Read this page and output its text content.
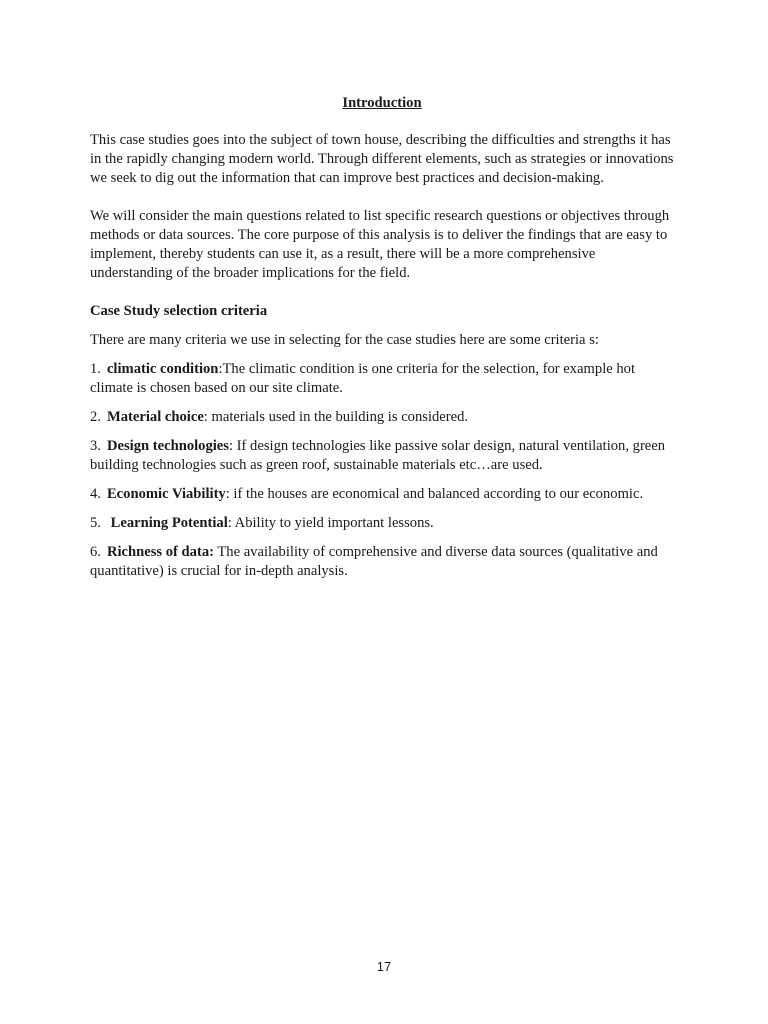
Introduction

This case studies goes into the subject of town house, describing the difficulties and strengths it has in the rapidly changing modern world. Through different elements, such as strategies or innovations we seek to dig out the information that can improve best practices and decision-making.

We will consider the main questions related to list specific research questions or objectives through methods or data sources. The core purpose of this analysis is to deliver the findings that are easy to implement, thereby students can use it, as a result, there will be a more comprehensive understanding of the broader implications for the field.

Case Study selection criteria

There are many criteria we use in selecting for the case studies here are some criteria s:

1. climatic condition:The climatic condition is one criteria for the selection, for example hot climate is chosen based on our site climate.
2. Material choice: materials used in the building is considered.
3. Design technologies: If design technologies like passive solar design, natural ventilation, green building technologies such as green roof, sustainable materials etc…are used.
4. Economic Viability: if the houses are economical and balanced according to our economic.
5. Learning Potential: Ability to yield important lessons.
6. Richness of data: The availability of comprehensive and diverse data sources (qualitative and quantitative) is crucial for in-depth analysis.
17
